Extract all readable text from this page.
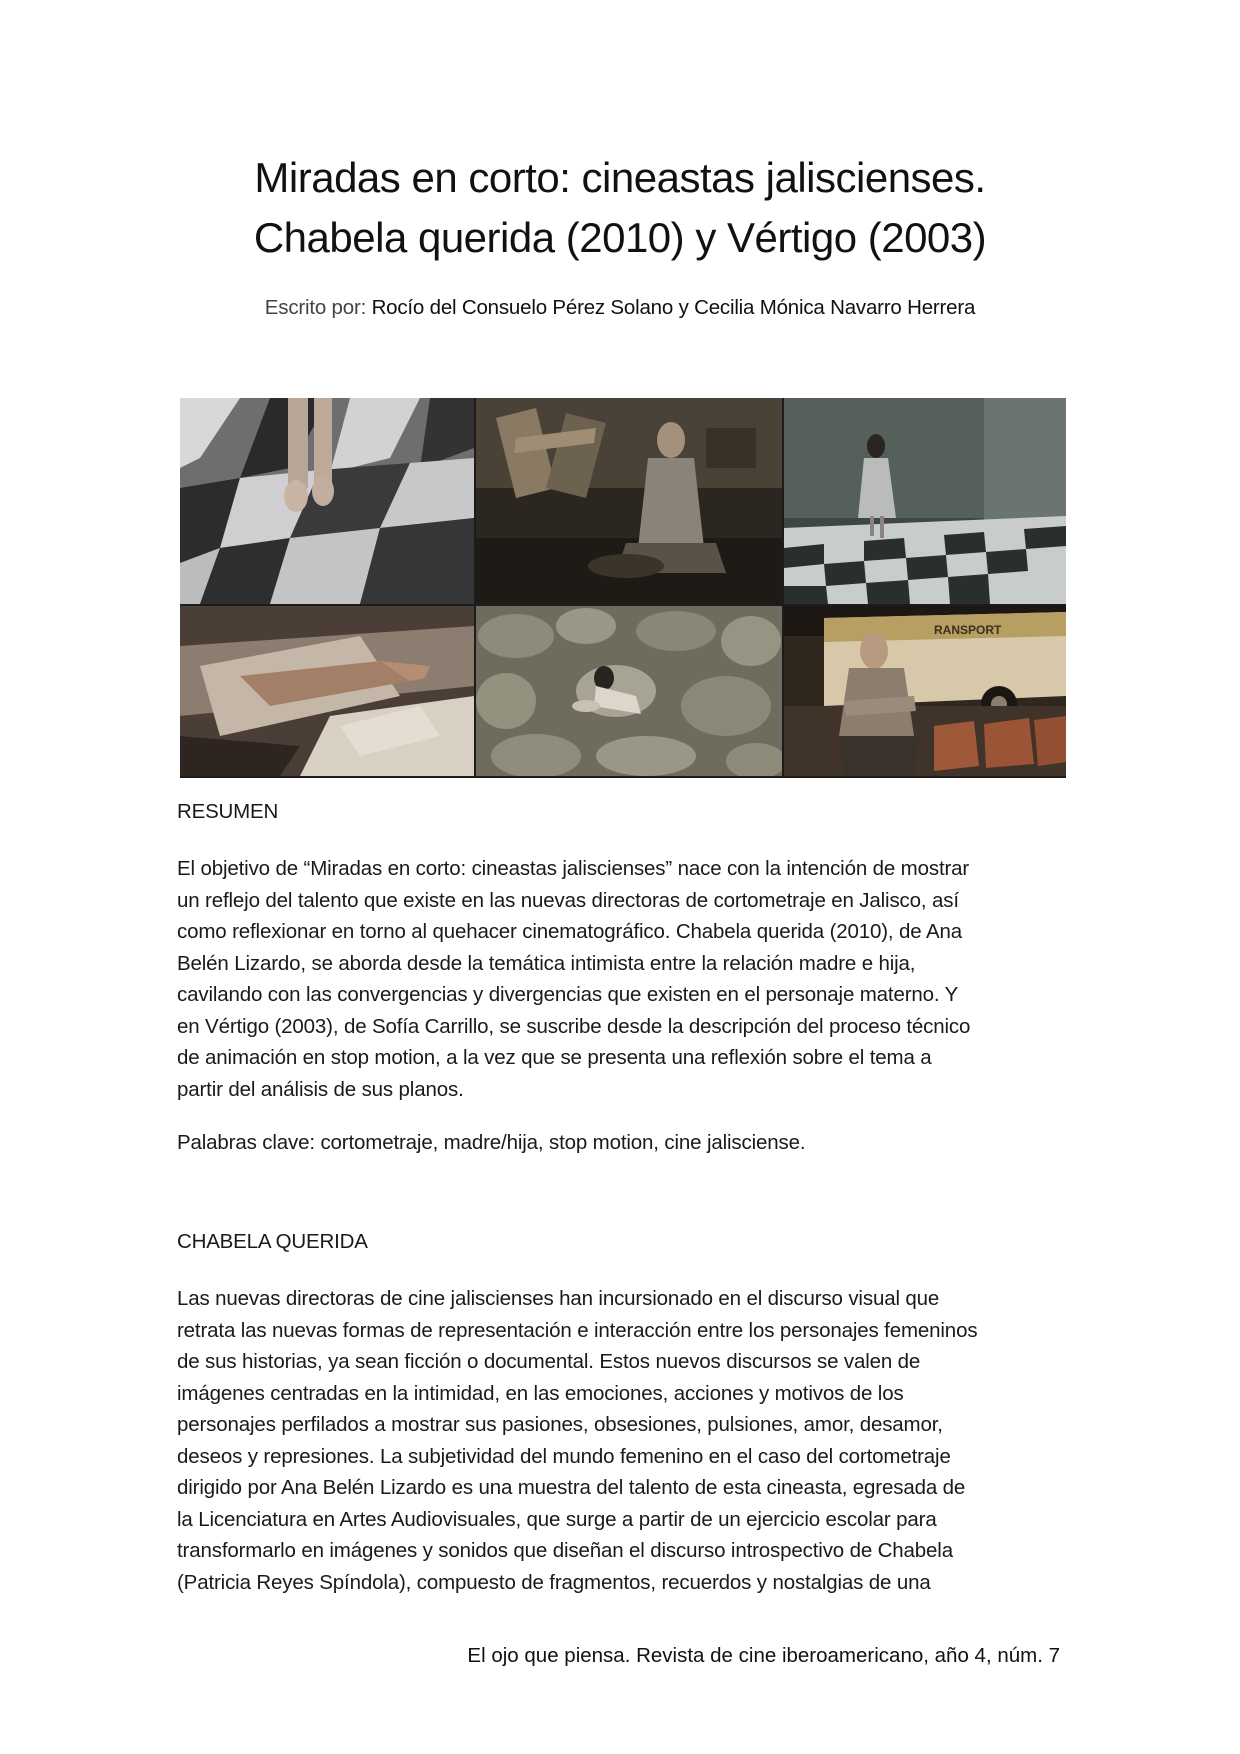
Miradas en corto: cineastas jaliscienses.
Chabela querida (2010) y Vértigo (2003)
Escrito por: Rocío del Consuelo Pérez Solano y Cecilia Mónica Navarro Herrera
RANSPORT
RESUMEN
El objetivo de “Miradas en corto: cineastas jaliscienses” nace con la intención de mostrar
un reflejo del talento que existe en las nuevas directoras de cortometraje en Jalisco, así
como reflexionar en torno al quehacer cinematográfico. Chabela querida (2010), de Ana
Belén Lizardo, se aborda desde la temática intimista entre la relación madre e hija,
cavilando con las convergencias y divergencias que existen en el personaje materno. Y
en Vértigo (2003), de Sofía Carrillo, se suscribe desde la descripción del proceso técnico
de animación en stop motion, a la vez que se presenta una reflexión sobre el tema a
partir del análisis de sus planos.
Palabras clave: cortometraje, madre/hija, stop motion, cine jalisciense.
CHABELA QUERIDA
Las nuevas directoras de cine jaliscienses han incursionado en el discurso visual que
retrata las nuevas formas de representación e interacción entre los personajes femeninos
de sus historias, ya sean ficción o documental. Estos nuevos discursos se valen de
imágenes centradas en la intimidad, en las emociones, acciones y motivos de los
personajes perfilados a mostrar sus pasiones, obsesiones, pulsiones, amor, desamor,
deseos y represiones. La subjetividad del mundo femenino en el caso del cortometraje
dirigido por Ana Belén Lizardo es una muestra del talento de esta cineasta, egresada de
la Licenciatura en Artes Audiovisuales, que surge a partir de un ejercicio escolar para
transformarlo en imágenes y sonidos que diseñan el discurso introspectivo de Chabela
(Patricia Reyes Spíndola), compuesto de fragmentos, recuerdos y nostalgias de una
El ojo que piensa. Revista de cine iberoamericano, año 4, núm. 7
